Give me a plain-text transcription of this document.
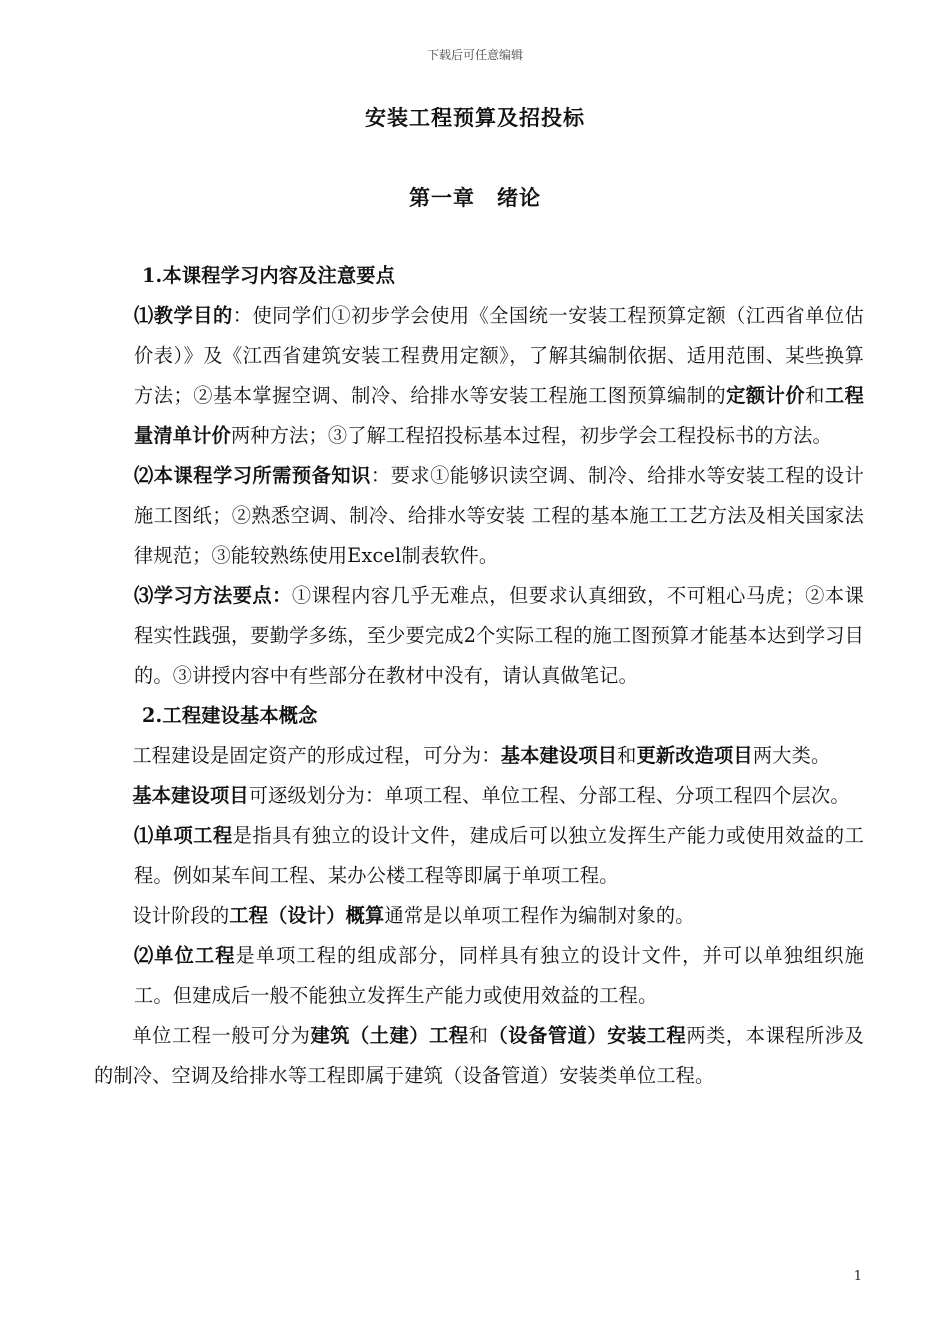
下载后可任意编辑
安装工程预算及招投标
第一章　绪论

1.本课程学习内容及注意要点

⑴教学目的：使同学们①初步学会使用《全国统一安装工程预算定额（江西省单位估价表）》及《江西省建筑安装工程费用定额》，了解其编制依据、适用范围、某些换算方法；②基本掌握空调、制冷、给排水等安装工程施工图预算编制的定额计价和工程量清单计价两种方法；③了解工程招投标基本过程，初步学会工程投标书的方法。

⑵本课程学习所需预备知识：要求①能够识读空调、制冷、给排水等安装工程的设计施工图纸；②熟悉空调、制冷、给排水等安装 工程的基本施工工艺方法及相关国家法律规范；③能较熟练使用Excel制表软件。

⑶学习方法要点：①课程内容几乎无难点，但要求认真细致，不可粗心马虎；②本课程实性践强，要勤学多练，至少要完成2个实际工程的施工图预算才能基本达到学习目的。③讲授内容中有些部分在教材中没有，请认真做笔记。

2.工程建设基本概念

工程建设是固定资产的形成过程，可分为：基本建设项目和更新改造项目两大类。

基本建设项目可逐级划分为：单项工程、单位工程、分部工程、分项工程四个层次。

⑴单项工程是指具有独立的设计文件，建成后可以独立发挥生产能力或使用效益的工程。例如某车间工程、某办公楼工程等即属于单项工程。

设计阶段的工程（设计）概算通常是以单项工程作为编制对象的。

⑵单位工程是单项工程的组成部分，同样具有独立的设计文件，并可以单独组织施工。但建成后一般不能独立发挥生产能力或使用效益的工程。

单位工程一般可分为建筑（土建）工程和（设备管道）安装工程两类，本课程所涉及的制冷、空调及给排水等工程即属于建筑（设备管道）安装类单位工程。

1
